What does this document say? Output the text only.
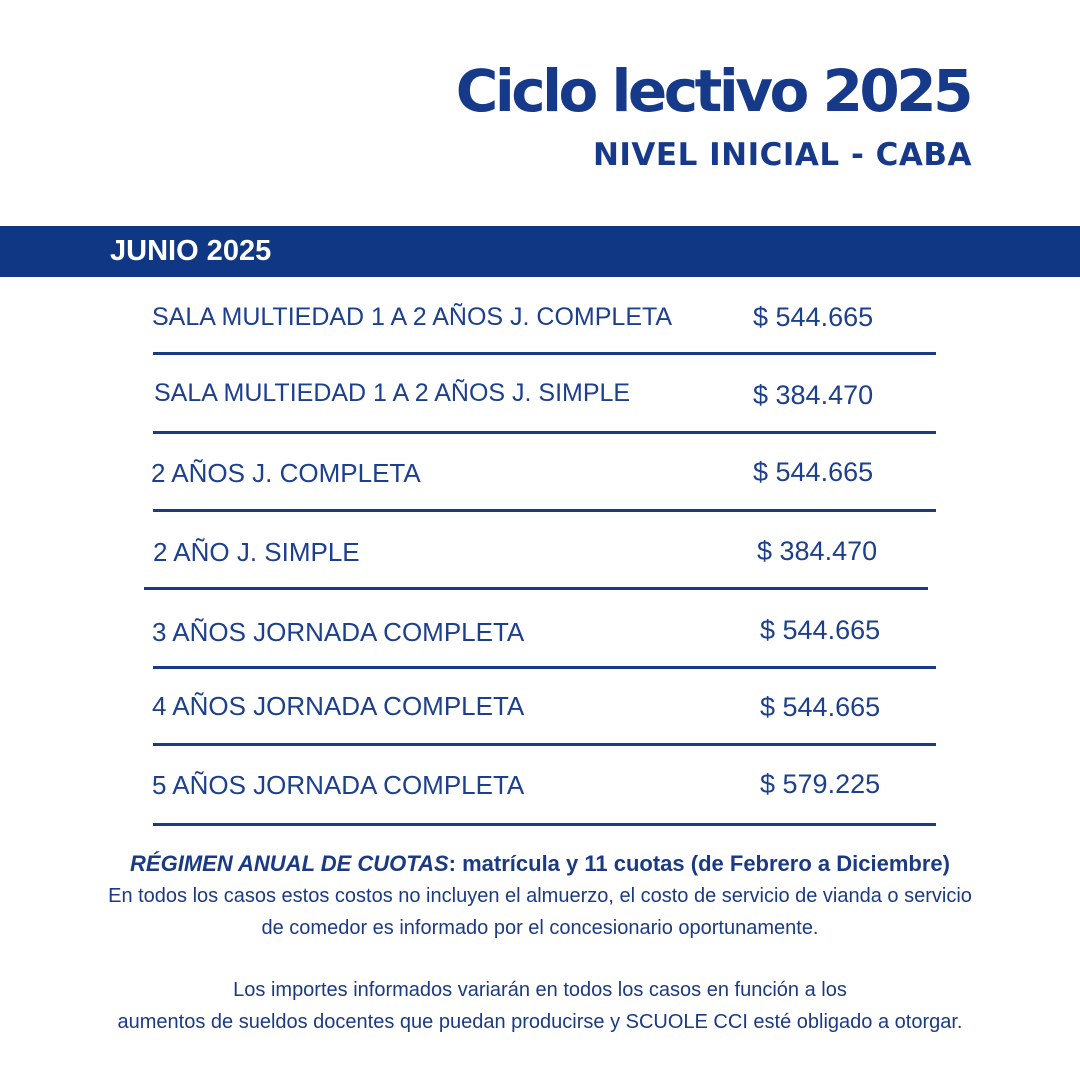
Ciclo lectivo 2025
NIVEL INICIAL - CABA
JUNIO 2025
SALA MULTIEDAD 1 A 2 AÑOS J. COMPLETA	$ 544.665
SALA MULTIEDAD 1 A 2 AÑOS J. SIMPLE	$ 384.470
2 AÑOS J. COMPLETA	$ 544.665
2 AÑO J. SIMPLE	$ 384.470
3 AÑOS JORNADA COMPLETA	$ 544.665
4 AÑOS JORNADA COMPLETA	$ 544.665
5 AÑOS JORNADA COMPLETA	$ 579.225
RÉGIMEN ANUAL DE CUOTAS: matrícula y 11 cuotas (de Febrero a Diciembre)
En todos los casos estos costos no incluyen el almuerzo, el costo de servicio de vianda o servicio
de comedor es informado por el concesionario oportunamente.
Los importes informados variarán en todos los casos en función a los
aumentos de sueldos docentes que puedan producirse y SCUOLE CCI esté obligado a otorgar.
